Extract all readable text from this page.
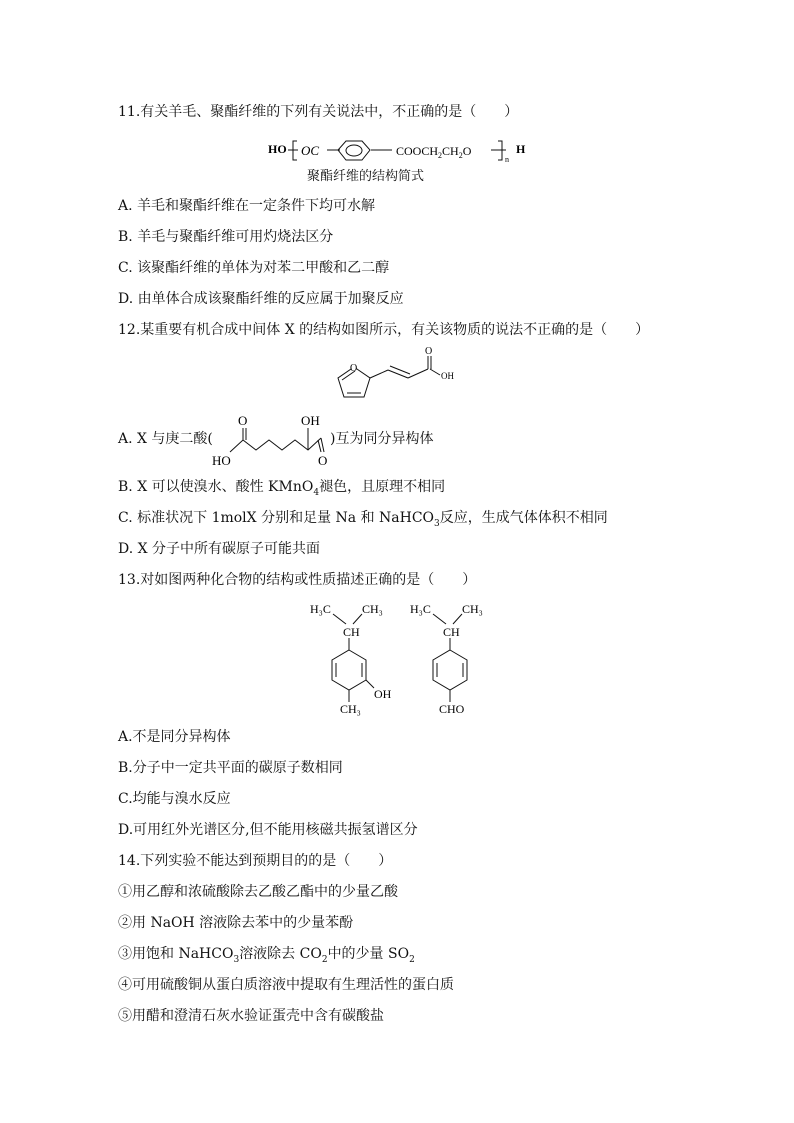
11.有关羊毛、聚酯纤维的下列有关说法中，不正确的是（　　）
HO OC	$COOCH_2CH_2O$
n
H
聚酯纤维的结构简式
A. 羊毛和聚酯纤维在一定条件下均可水解
B. 羊毛与聚酯纤维可用灼烧法区分
C. 该聚酯纤维的单体为对苯二甲酸和乙二醇
D. 由单体合成该聚酯纤维的反应属于加聚反应
12.某重要有机合成中间体 X 的结构如图所示，有关该物质的说法不正确的是（　　）
O
O
OH
A. X 与庚二酸(
OH
O
O
HO
)互为同分异构体
B. X 可以使溴水、酸性 KMnO$_4$褪色，且原理不相同
C. 标准状况下 1molX 分别和足量 Na 和 NaHCO$_3$反应，生成气体体积不相同
D. X 分子中所有碳原子可能共面
13.对如图两种化合物的结构或性质描述正确的是（　　）
H₃C	CH₃
CH
OH
CH₃
H₃C	CH₃
CH
CHO
A.不是同分异构体
B.分子中一定共平面的碳原子数相同
C.均能与溴水反应
D.可用红外光谱区分,但不能用核磁共振氢谱区分
14.下列实验不能达到预期目的的是（　　）
①用乙醇和浓硫酸除去乙酸乙酯中的少量乙酸
②用 NaOH 溶液除去苯中的少量苯酚
③用饱和 NaHCO$_3$溶液除去 $CO_2$中的少量 $SO_2$
④可用硫酸铜从蛋白质溶液中提取有生理活性的蛋白质
⑤用醋和澄清石灰水验证蛋壳中含有碳酸盐
